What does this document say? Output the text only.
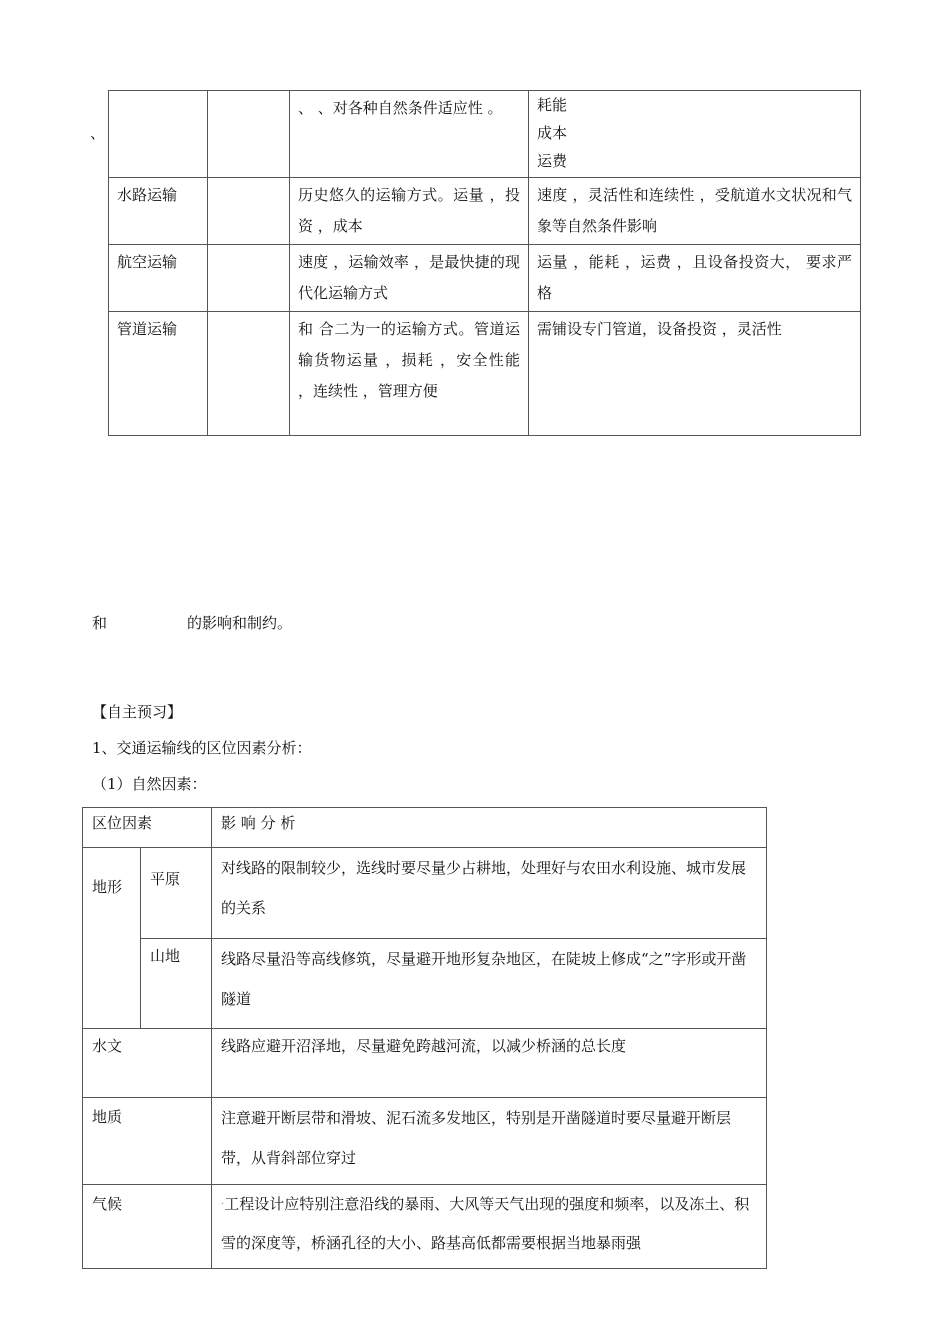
、
		、 、对各种自然条件适应性 。	耗能
成本
运费

水路运输		历史悠久的运输方式。运量 ，投资 ，成本	速度 ，灵活性和连续性 ，受航道水文状况和气象等自然条件影响
航空运输		速度 ，运输效率 ，是最快捷的现代化运输方式	运量 ，能耗 ，运费 ，且设备投资大， 要求严格
管道运输		和 合二为一的运输方式。管道运输货物运量 ，损耗 ，安全性能 ，连续性 ，管理方便	需铺设专门管道，设备投资 ，灵活性
和	的影响和制约。
【自主预习】
1、交通运输线的区位因素分析：
（1）自然因素：
区位因素		影 响 分 析
地形	平原	对线路的限制较少，选线时要尽量少占耕地，处理好与农田水利设施、城市发展的关系
	山地	线路尽量沿等高线修筑，尽量避开地形复杂地区，在陡坡上修成“之”字形或开凿隧道
水文		线路应避开沼泽地，尽量避免跨越河流，以减少桥涵的总长度
地质		注意避开断层带和滑坡、泥石流多发地区，特别是开凿隧道时要尽量避开断层带，从背斜部位穿过
气候		·工程设计应特别注意沿线的暴雨、大风等天气出现的强度和频率，以及冻土、积雪的深度等，桥涵孔径的大小、路基高低都需要根据当地暴雨强
